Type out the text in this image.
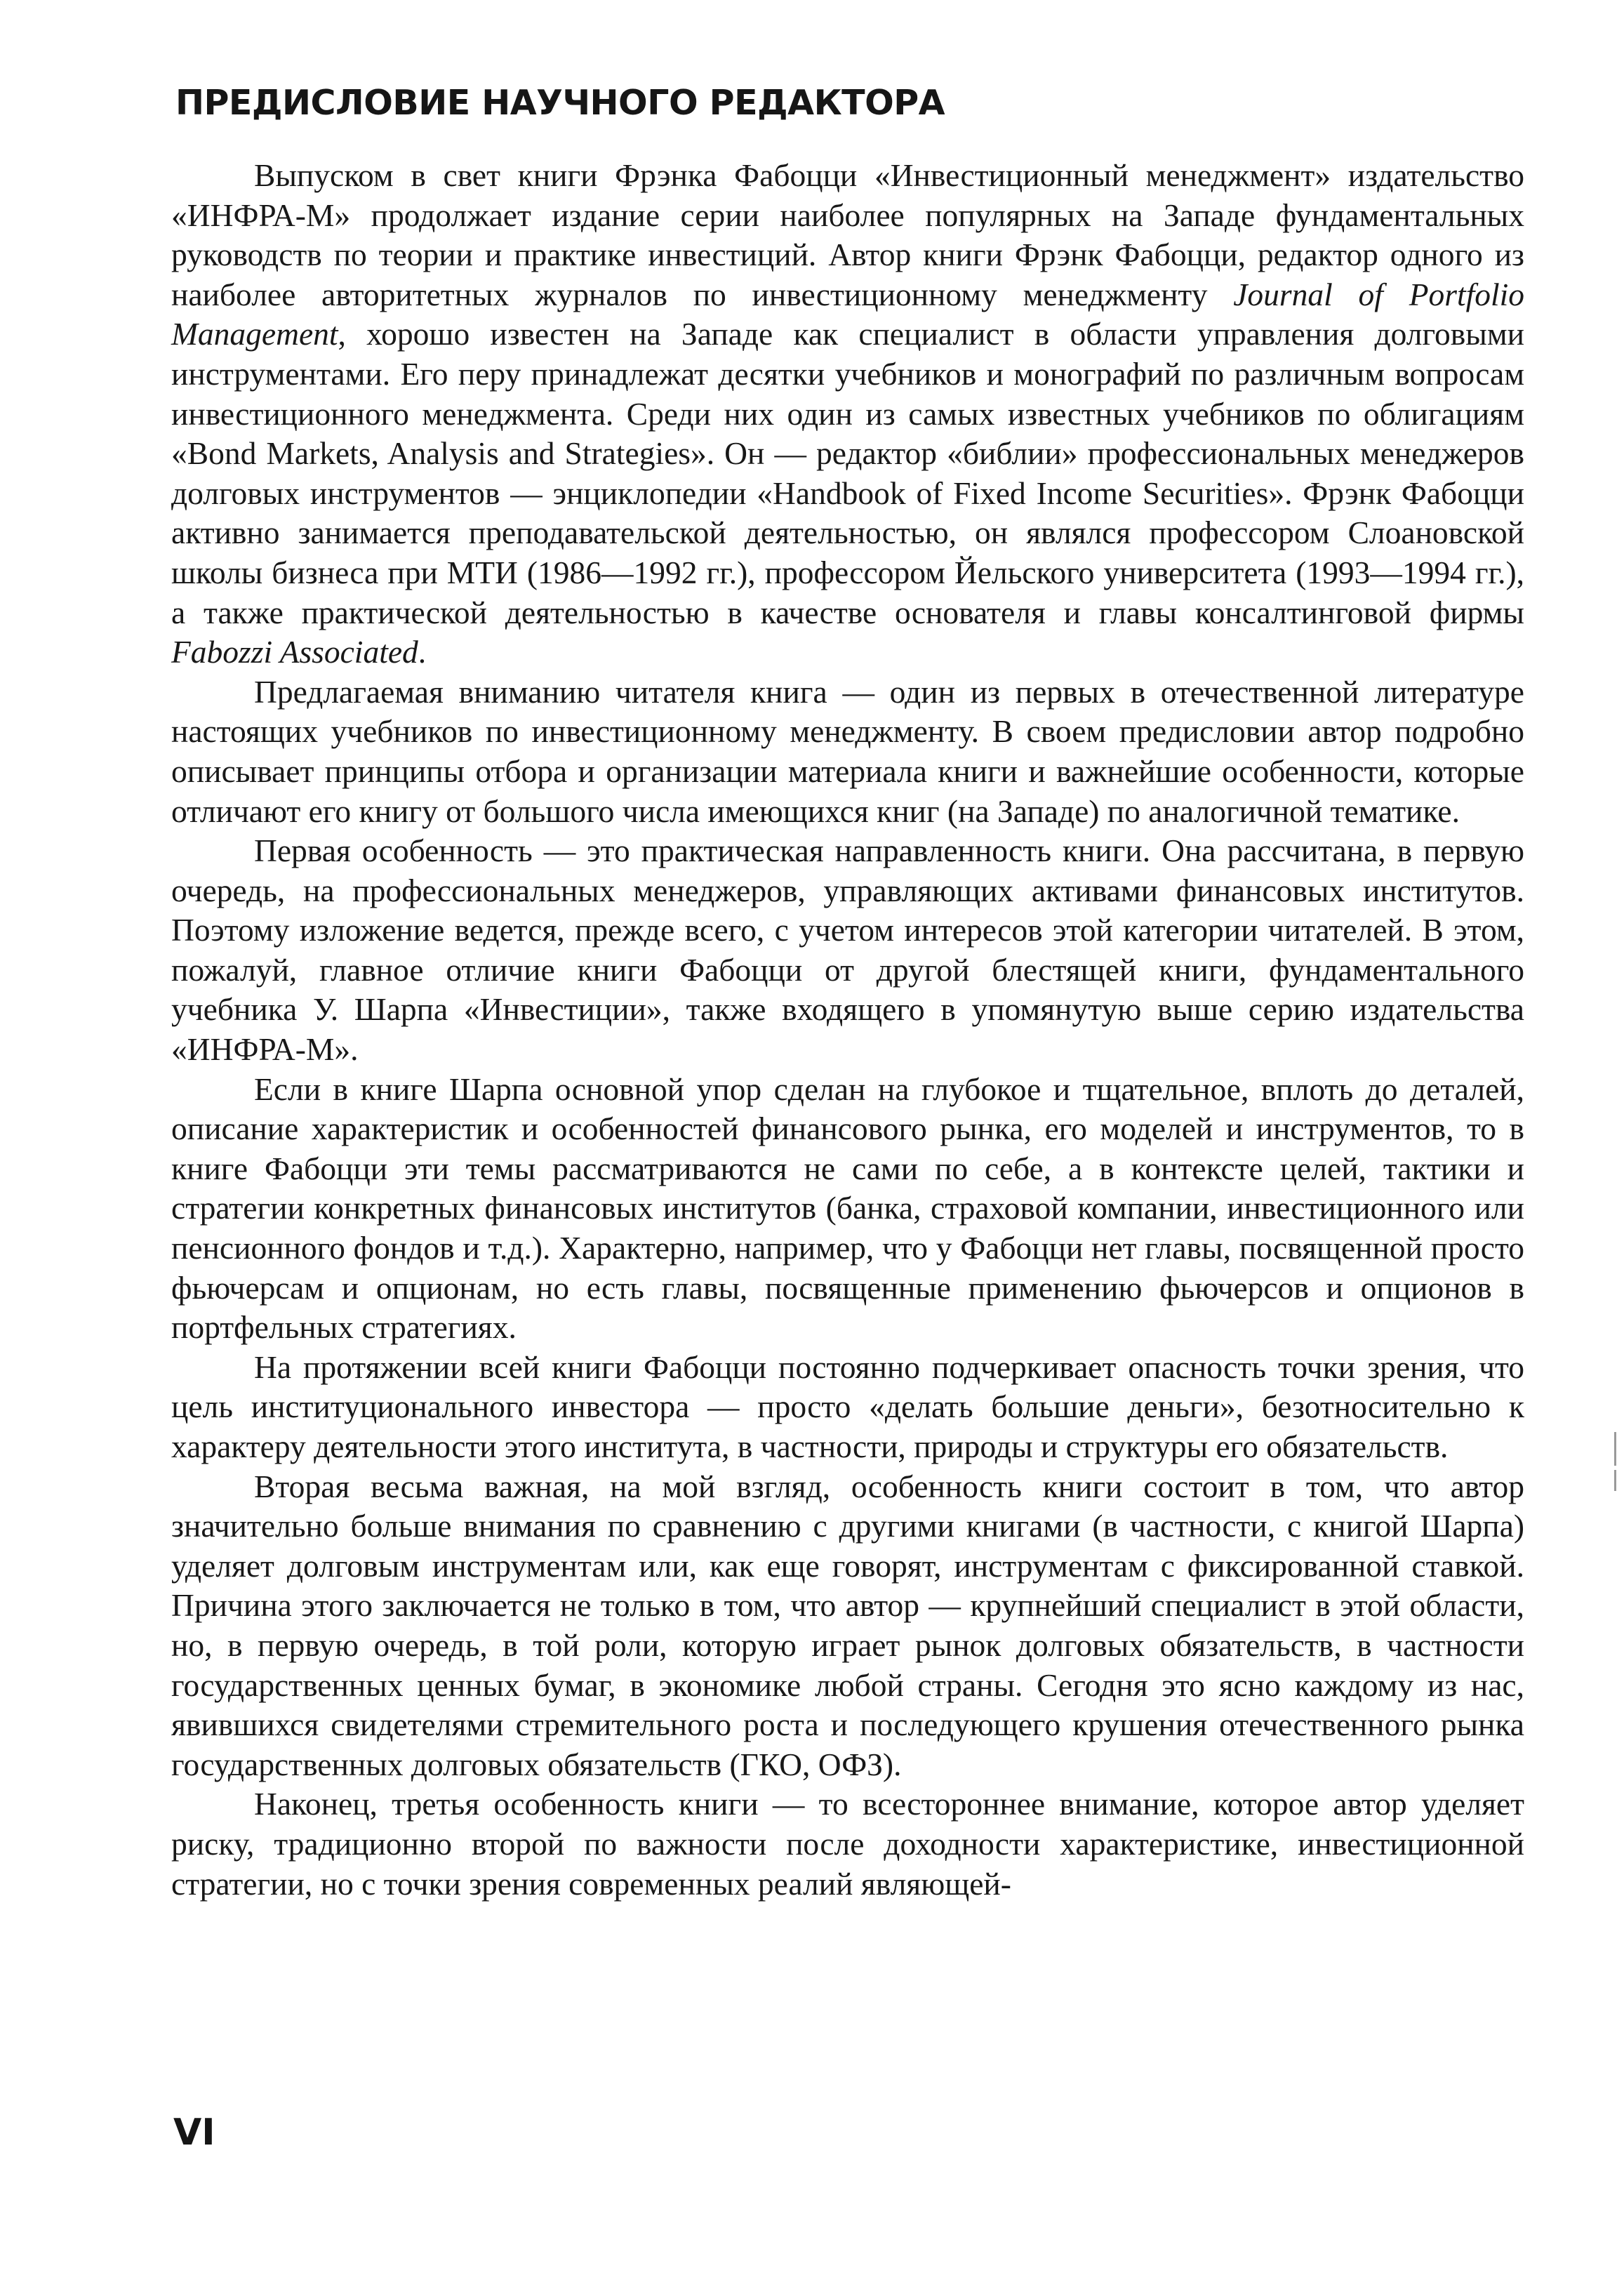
ПРЕДИСЛОВИЕ НАУЧНОГО РЕДАКТОРА

Выпуском в свет книги Фрэнка Фабоцци «Инвестиционный менеджмент» издательство «ИНФРА-М» продолжает издание серии наиболее популярных на Западе фундаментальных руководств по теории и практике инвестиций. Автор книги Фрэнк Фабоцци, редактор одного из наиболее авторитетных журналов по инвестиционному менеджменту Journal of Portfolio Management, хорошо известен на Западе как специалист в области управления долговыми инструментами. Его перу принадлежат десятки учебников и монографий по различным вопросам инвестиционного менеджмента. Среди них один из самых известных учебников по облигациям «Bond Markets, Analysis and Strategies». Он — редактор «библии» профессиональных менеджеров долговых инструментов — энциклопедии «Handbook of Fixed Income Securities». Фрэнк Фабоцци активно занимается преподавательской деятельностью, он являлся профессором Слоановской школы бизнеса при МТИ (1986—1992 гг.), профессором Йельского университета (1993—1994 гг.), а также практической деятельностью в качестве основателя и главы консалтинговой фирмы Fabozzi Associated.

Предлагаемая вниманию читателя книга — один из первых в отечественной литературе настоящих учебников по инвестиционному менеджменту. В своем предисловии автор подробно описывает принципы отбора и организации материала книги и важнейшие особенности, которые отличают его книгу от большого числа имеющихся книг (на Западе) по аналогичной тематике.

Первая особенность — это практическая направленность книги. Она рассчитана, в первую очередь, на профессиональных менеджеров, управляющих активами финансовых институтов. Поэтому изложение ведется, прежде всего, с учетом интересов этой категории читателей. В этом, пожалуй, главное отличие книги Фабоцци от другой блестящей книги, фундаментального учебника У. Шарпа «Инвестиции», также входящего в упомянутую выше серию издательства «ИНФРА-М».

Если в книге Шарпа основной упор сделан на глубокое и тщательное, вплоть до деталей, описание характеристик и особенностей финансового рынка, его моделей и инструментов, то в книге Фабоцци эти темы рассматриваются не сами по себе, а в контексте целей, тактики и стратегии конкретных финансовых институтов (банка, страховой компании, инвестиционного или пенсионного фондов и т.д.). Характерно, например, что у Фабоцци нет главы, посвященной просто фьючерсам и опционам, но есть главы, посвященные применению фьючерсов и опционов в портфельных стратегиях.

На протяжении всей книги Фабоцци постоянно подчеркивает опасность точки зрения, что цель институционального инвестора — просто «делать большие деньги», безотносительно к характеру деятельности этого института, в частности, природы и структуры его обязательств.

Вторая весьма важная, на мой взгляд, особенность книги состоит в том, что автор значительно больше внимания по сравнению с другими книгами (в частности, с книгой Шарпа) уделяет долговым инструментам или, как еще говорят, инструментам с фиксированной ставкой. Причина этого заключается не только в том, что автор — крупнейший специалист в этой области, но, в первую очередь, в той роли, которую играет рынок долговых обязательств, в частности государственных ценных бумаг, в экономике любой страны. Сегодня это ясно каждому из нас, явившихся свидетелями стремительного роста и последующего крушения отечественного рынка государственных долговых обязательств (ГКО, ОФЗ).

Наконец, третья особенность книги — то всестороннее внимание, которое автор уделяет риску, традиционно второй по важности после доходности характеристике, инвестиционной стратегии, но с точки зрения современных реалий являющей-

VI
